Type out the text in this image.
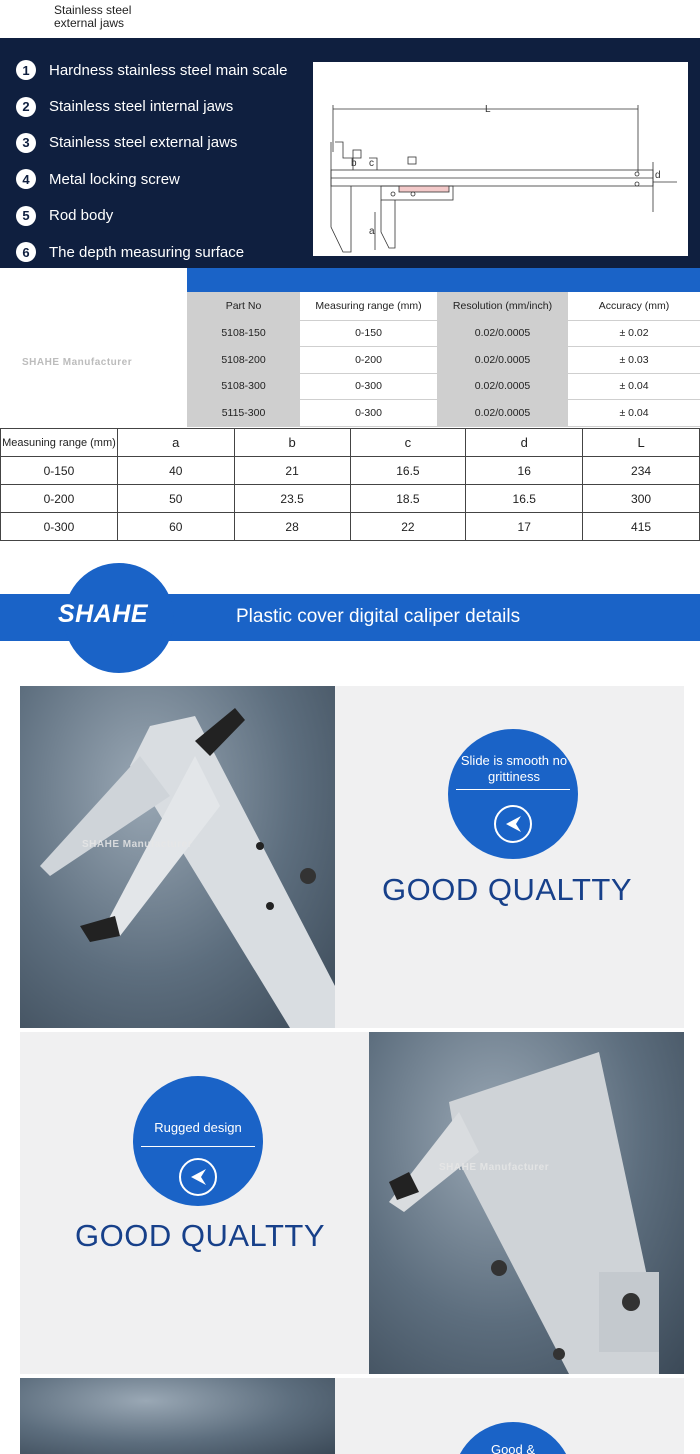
Stainless steel external jaws
1	Hardness stainless steel main scale
2	Stainless steel internal jaws
3	Stainless steel external jaws
4	Metal locking screw
5	Rod body
6	The depth measuring surface
L
b c
d
a
SHAHE Manufacturer
Part No	Measuring range (mm)	Resolution (mm/inch)	Accuracy (mm)
5108-150	0-150	0.02/0.0005	± 0.02
5108-200	0-200	0.02/0.0005	± 0.03
5108-300	0-300	0.02/0.0005	± 0.04
5115-300	0-300	0.02/0.0005	± 0.04
Measuning range (mm)	a	b	c	d	L
0-150	40	21	16.5	16	234
0-200	50	23.5	18.5	16.5	300
0-300	60	28	22	17	415
SHAHE	Plastic cover digital caliper details
SHAHE Manufacturer
Slide is smooth no grittiness
GOOD QUALTTY
Rugged design
GOOD QUALTTY
SHAHE Manufacturer
Good &
